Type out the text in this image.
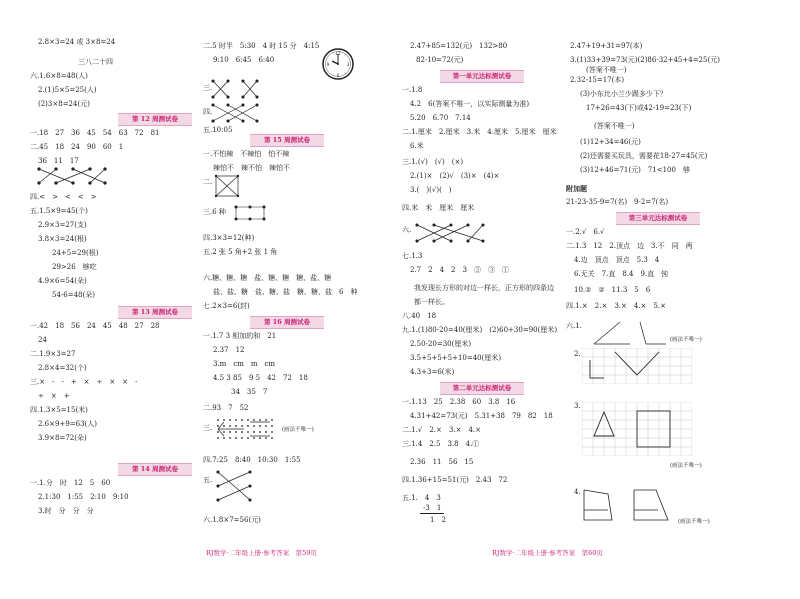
2.8×3=24 或 3×8=24
三八二十四
六.1.6×8=48(人)
2.(1)5×5=25(人)
(2)3×8=24(元)
第 12 周测试卷
一.18　27　36　45　54　63　72　81
二.45　18　24　90　60　1
36　11　17
四.<　>　<　<　>
五.1.5×9=45(个)
2.9×3=27(支)
3.8×3=24(根)
24+5=29(根)
29>26　够吃
4.9×6=54(朵)
54-6=48(朵)
第 13 周测试卷
一.42　18　56　24　45　48　27　28
24
二.1.9×3=27
2.8×4=32(个)
三.×　-　-　+　×　÷　×　×　-
÷　×　+
四.1.3×5=15(米)
2.6×9+9=63(人)
3.9×8=72(朵)
第 14 周测试卷
一.1.分　时　12　5　60
2.1:30　1:55　2:10　9:10
3.时　分　分　分
二.5 时半　5:30　4 时 15 分　4:15
12
3
6
9
9:10　6:45　6:40
三.
四.
五.10:05
第 15 周测试卷
一.不怕辣　不辣怕　怕不辣
辣怕不　辣不怕　辣怕不
二.
三.6 种
四.3×3=12(种)
五.2 张 5 角+2 张 1 角
六.糖、糖、糖　盐、糖、糖　糖、盐、糖
盐、盐、糖　盐、糖、盐　糖、糖、盐　6　种
七.2×3=6(封)
第 16 周测试卷
一.1.7 3 相加的和　21
2.37　12
3.m　cm　m　cm
4.5 3 85　9 5　42　72　18
34　35　7
二.93　7　52
三.	(画法不唯一)
四.7:25　8:40　10:30　1:55
五.
六.1.8×7=56(元)
RJ数学·二年级上册·参考答案　第59页
2.47+85=132(元)　132>80
82-10=72(元)
第一单元达标测试卷
一.1.8
4.2　6(答案不唯一，以实际测量为准)
5.20　6.70　7.14
二.1.厘米　2.厘米　3.米　4.厘米　5.厘米　厘米
6.米
三.1.(√)　(√)　(×)
2.(1)×　(2)√　(3)×　(4)×
3.(　)(√)(　)
四.米　米　厘米　厘米
六.
七.1.3
2.7　2　4　2　3　②　③　①
我发现长方形的对边一样长，正方形的四条边
都一样长。
八.40　18
九.1.(1)80-20=40(厘米)　(2)60+30=90(厘米)
2.50-20=30(厘米)
3.5+5+5+5+10=40(厘米)
4.3+3=6(米)
第二单元达标测试卷
一.1.13　25　2.38　60　3.8　16
4.31+42=73(元)　5.31+38　79　82　18
二.1.√　2.×　3.×　4.×
三.1.4　2.5　3.8　4.①
2.36　11　56　15
四.1.36+15=51(元)　2.43　72
五.1.　4　3
　-3　1
　　1　2
2.47+19+31=97(本)
3.(1)33+39=73(元)(2)86-32+45+4=25(元)
(答案不唯一)
2.32-15=17(本)
(3)小东比小兰少踢多少下？
17+26=43(下)或42-19=23(下)
(答案不唯一)
(1)12+34=46(元)
(2)还需要买玩具，需要花18-27=45(元)
(3)12+46=71(元)　71<100　够
附加题
21-23-35-9=7(名)　9-2=7(名)
第三单元达标测试卷
一.2.√　6.√
二.1.3　12　2.顶点　边　3.不　同　两
4.边　顶点　顶点　5.3　4
6.无关　7.直　8.4　9.直　钝
10.②　②　11.3　5　6
四.1.×　2.×　3.×　4.×　5.×
六.1.
(画法不唯一)
2.
3.
(画法不唯一)
4.
(画法不唯一)
RJ数学·二年级上册·参考答案　第60页
